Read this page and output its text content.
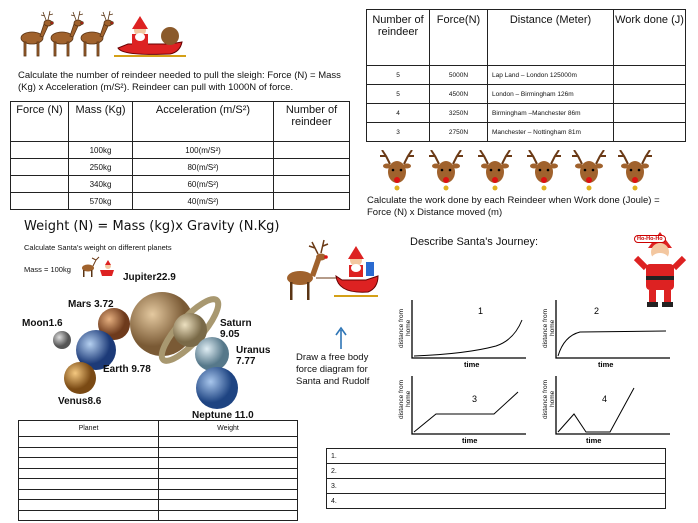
Calculate the number of reindeer needed to pull the sleigh: Force (N) = Mass (Kg) x Acceleration (m/S²). Reindeer can pull with 1000N of force.
Force (N)	Mass (Kg)	Acceleration (m/S²)	Number of reindeer
	100kg	100(m/S²)	
	250kg	80(m/S²)	
	340kg	60(m/S²)	
	570kg	40(m/S²)	
Number of reindeer	Force(N)	Distance (Meter)	Work done (J)
5	5000N	Lap Land – London 125000m	
5	4500N	London – Birmingham 126m	
4	3250N	Birmingham –Manchester 86m	
3	2750N	Manchester – Nottingham 81m	
Calculate the work done by each Reindeer when Work done (Joule) = Force (N) x Distance moved (m)
Weight (N) = Mass (kg)x Gravity (N.Kg)
Calculate Santa's weight on different planets
Mass = 100kg
Jupiter22.9
Mars 3.72
Moon1.6	Saturn 9.05
Uranus 7.77
Earth 9.78
Venus8.6
Neptune 11.0
Planet	Weight

Draw a free body force diagram for Santa and Rudolf
Describe Santa's Journey:	Ho-Ho-Ho
1
time
distance from home
2
time
distance from home
3
time
distance from home	4
time
distance from home
1.
2.
3.
4.
